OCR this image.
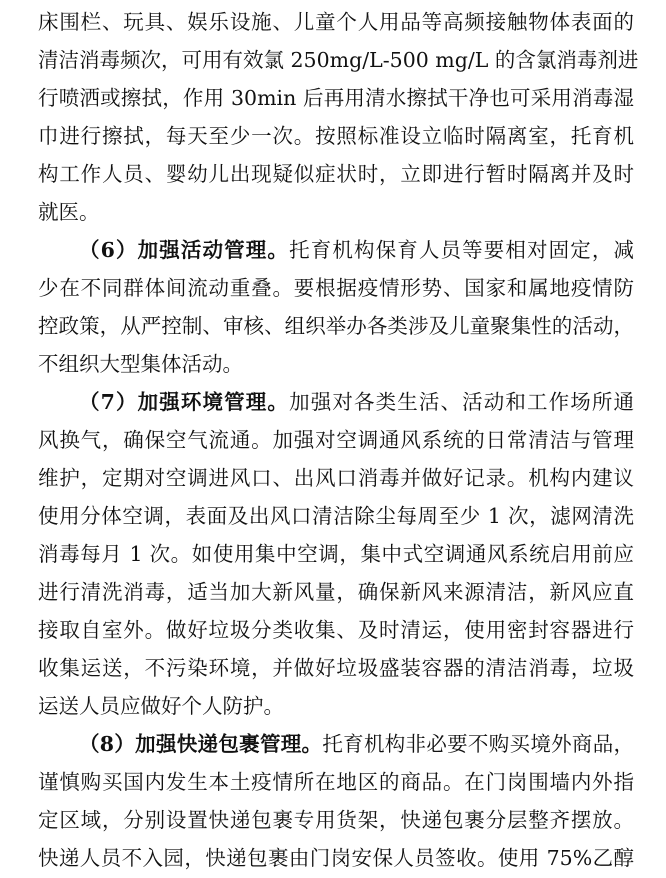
床围栏、玩具、娱乐设施、儿童个人用品等高频接触物体表面的
清洁消毒频次，可用有效氯 250mg/L-500 mg/L 的含氯消毒剂进
行喷洒或擦拭，作用 30min 后再用清水擦拭干净也可采用消毒湿
巾进行擦拭，每天至少一次。按照标准设立临时隔离室，托育机
构工作人员、婴幼儿出现疑似症状时，立即进行暂时隔离并及时
就医。
（6）加强活动管理。托育机构保育人员等要相对固定，减
少在不同群体间流动重叠。要根据疫情形势、国家和属地疫情防
控政策，从严控制、审核、组织举办各类涉及儿童聚集性的活动，
不组织大型集体活动。
（7）加强环境管理。加强对各类生活、活动和工作场所通
风换气，确保空气流通。加强对空调通风系统的日常清洁与管理
维护，定期对空调进风口、出风口消毒并做好记录。机构内建议
使用分体空调，表面及出风口清洁除尘每周至少 1 次，滤网清洗
消毒每月 1 次。如使用集中空调，集中式空调通风系统启用前应
进行清洗消毒，适当加大新风量，确保新风来源清洁，新风应直
接取自室外。做好垃圾分类收集、及时清运，使用密封容器进行
收集运送，不污染环境，并做好垃圾盛装容器的清洁消毒，垃圾
运送人员应做好个人防护。
（8）加强快递包裹管理。托育机构非必要不购买境外商品，
谨慎购买国内发生本土疫情所在地区的商品。在门岗围墙内外指
定区域，分别设置快递包裹专用货架，快递包裹分层整齐摆放。
快递人员不入园，快递包裹由门岗安保人员签收。使用 75%乙醇
